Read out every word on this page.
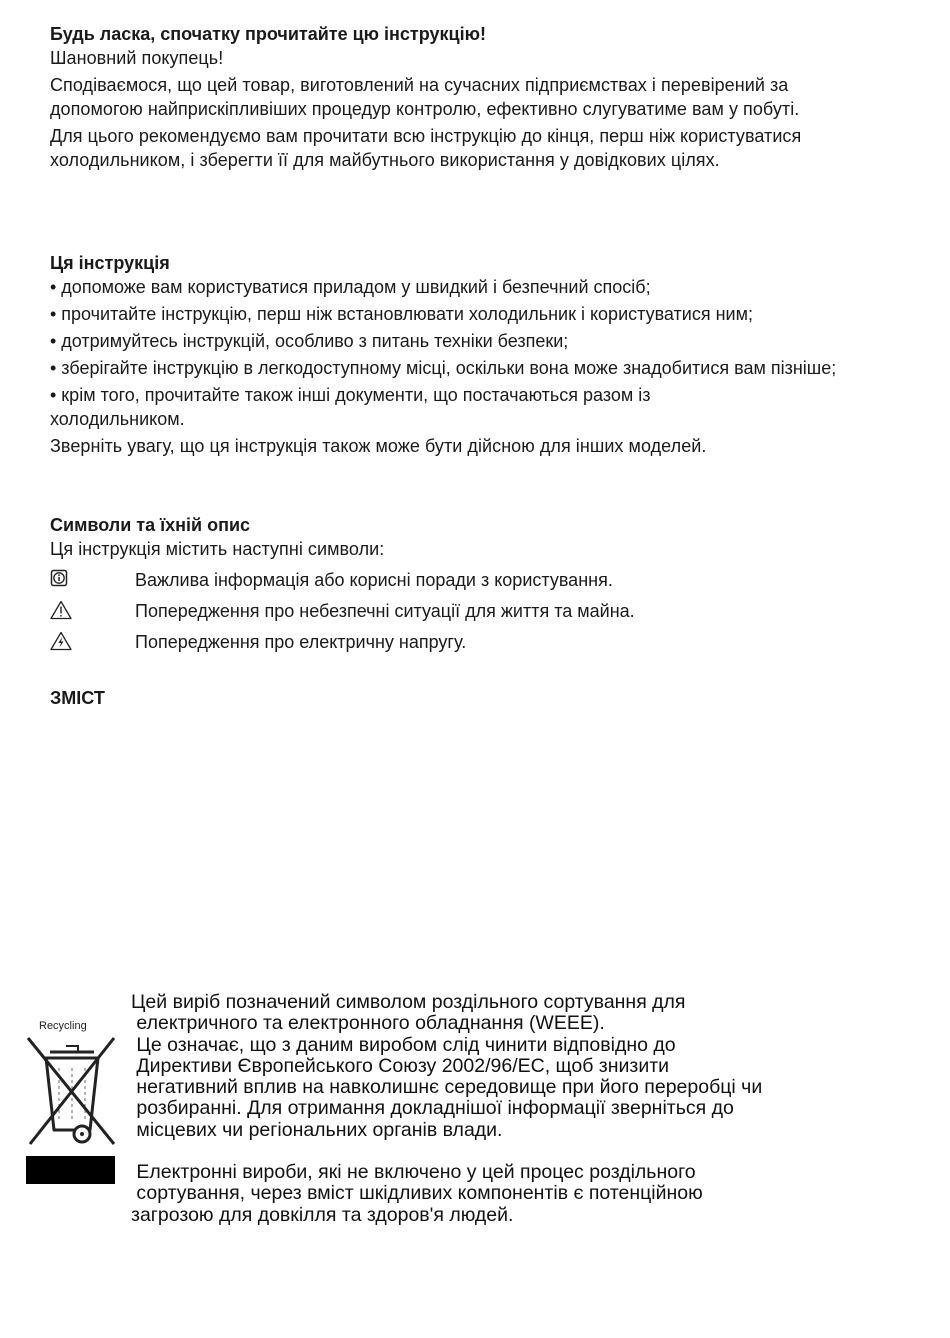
Будь ласка, спочатку прочитайте цю інструкцію!

Шановний покупець!

Сподіваємося, що цей товар, виготовлений на сучасних підприємствах і перевірений за допомогою найприскіпливіших процедур контролю, ефективно слугуватиме вам у побуті.

Для цього рекомендуємо вам прочитати всю інструкцію до кінця, перш ніж користуватися холодильником, і зберегти її для майбутнього використання у довідкових цілях.

Ця інструкція
• допоможе вам користуватися приладом у швидкий і безпечний спосіб;
• прочитайте інструкцію, перш ніж встановлювати холодильник і користуватися ним;
• дотримуйтесь інструкцій, особливо з питань техніки безпеки;
• зберігайте інструкцію в легкодоступному місці, оскільки вона може знадобитися вам пізніше;
• крім того, прочитайте також інші документи, що постачаються разом із холодильником.

Зверніть увагу, що ця інструкція також може бути дійсною для інших моделей.

Символи та їхній опис

Ця інструкція містить наступні символи:

Важлива інформація або корисні поради з користування.
Попередження про небезпечні ситуації для життя та майна.
Попередження про електричну напругу.
ЗМІСТ
Recycling
Цей виріб позначений символом роздільного сортування для
електричного та електронного обладнання (WEEE).
Це означає, що з даним виробом слід чинити відповідно до
Директиви Європейського Союзу 2002/96/EC, щоб знизити
негативний вплив на навколишнє середовище при його переробці чи
розбиранні. Для отримання докладнішої інформації зверніться до
місцевих чи регіональних органів влади.
Електронні вироби, які не включено у цей процес роздільного
сортування, через вміст шкідливих компонентів є потенційною
загрозою для довкілля та здоров'я людей.
